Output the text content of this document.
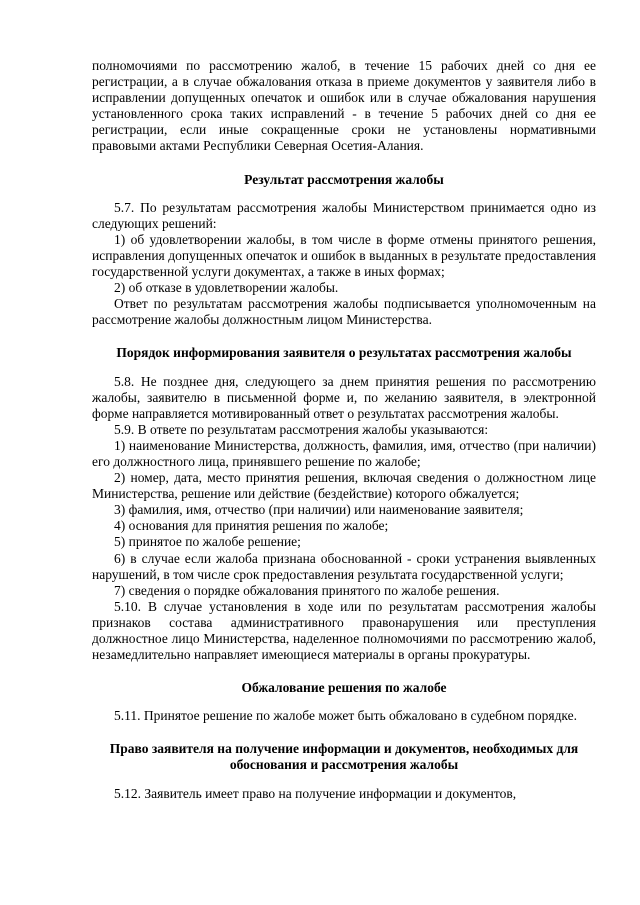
полномочиями по рассмотрению жалоб, в течение 15 рабочих дней со дня ее регистрации, а в случае обжалования отказа в приеме документов у заявителя либо в исправлении допущенных опечаток и ошибок или в случае обжалования нарушения установленного срока таких исправлений - в течение 5 рабочих дней со дня ее регистрации, если иные сокращенные сроки не установлены нормативными правовыми актами Республики Северная Осетия-Алания.

Результат рассмотрения жалобы

5.7. По результатам рассмотрения жалобы Министерством принимается одно из следующих решений:

1) об удовлетворении жалобы, в том числе в форме отмены принятого решения, исправления допущенных опечаток и ошибок в выданных в результате предоставления государственной услуги документах, а также в иных формах;

2) об отказе в удовлетворении жалобы.

Ответ по результатам рассмотрения жалобы подписывается уполномоченным на рассмотрение жалобы должностным лицом Министерства.

Порядок информирования заявителя о результатах рассмотрения жалобы

5.8. Не позднее дня, следующего за днем принятия решения по рассмотрению жалобы, заявителю в письменной форме и, по желанию заявителя, в электронной форме направляется мотивированный ответ о результатах рассмотрения жалобы.

5.9. В ответе по результатам рассмотрения жалобы указываются:

1) наименование Министерства, должность, фамилия, имя, отчество (при наличии) его должностного лица, принявшего решение по жалобе;

2) номер, дата, место принятия решения, включая сведения о должностном лице Министерства, решение или действие (бездействие) которого обжалуется;

3) фамилия, имя, отчество (при наличии) или наименование заявителя;

4) основания для принятия решения по жалобе;

5) принятое по жалобе решение;

6) в случае если жалоба признана обоснованной - сроки устранения выявленных нарушений, в том числе срок предоставления результата государственной услуги;

7) сведения о порядке обжалования принятого по жалобе решения.

5.10. В случае установления в ходе или по результатам рассмотрения жалобы признаков состава административного правонарушения или преступления должностное лицо Министерства, наделенное полномочиями по рассмотрению жалоб, незамедлительно направляет имеющиеся материалы в органы прокуратуры.

Обжалование решения по жалобе

5.11. Принятое решение по жалобе может быть обжаловано в судебном порядке.

Право заявителя на получение информации и документов, необходимых для

обоснования и рассмотрения жалобы

5.12. Заявитель имеет право на получение информации и документов,
